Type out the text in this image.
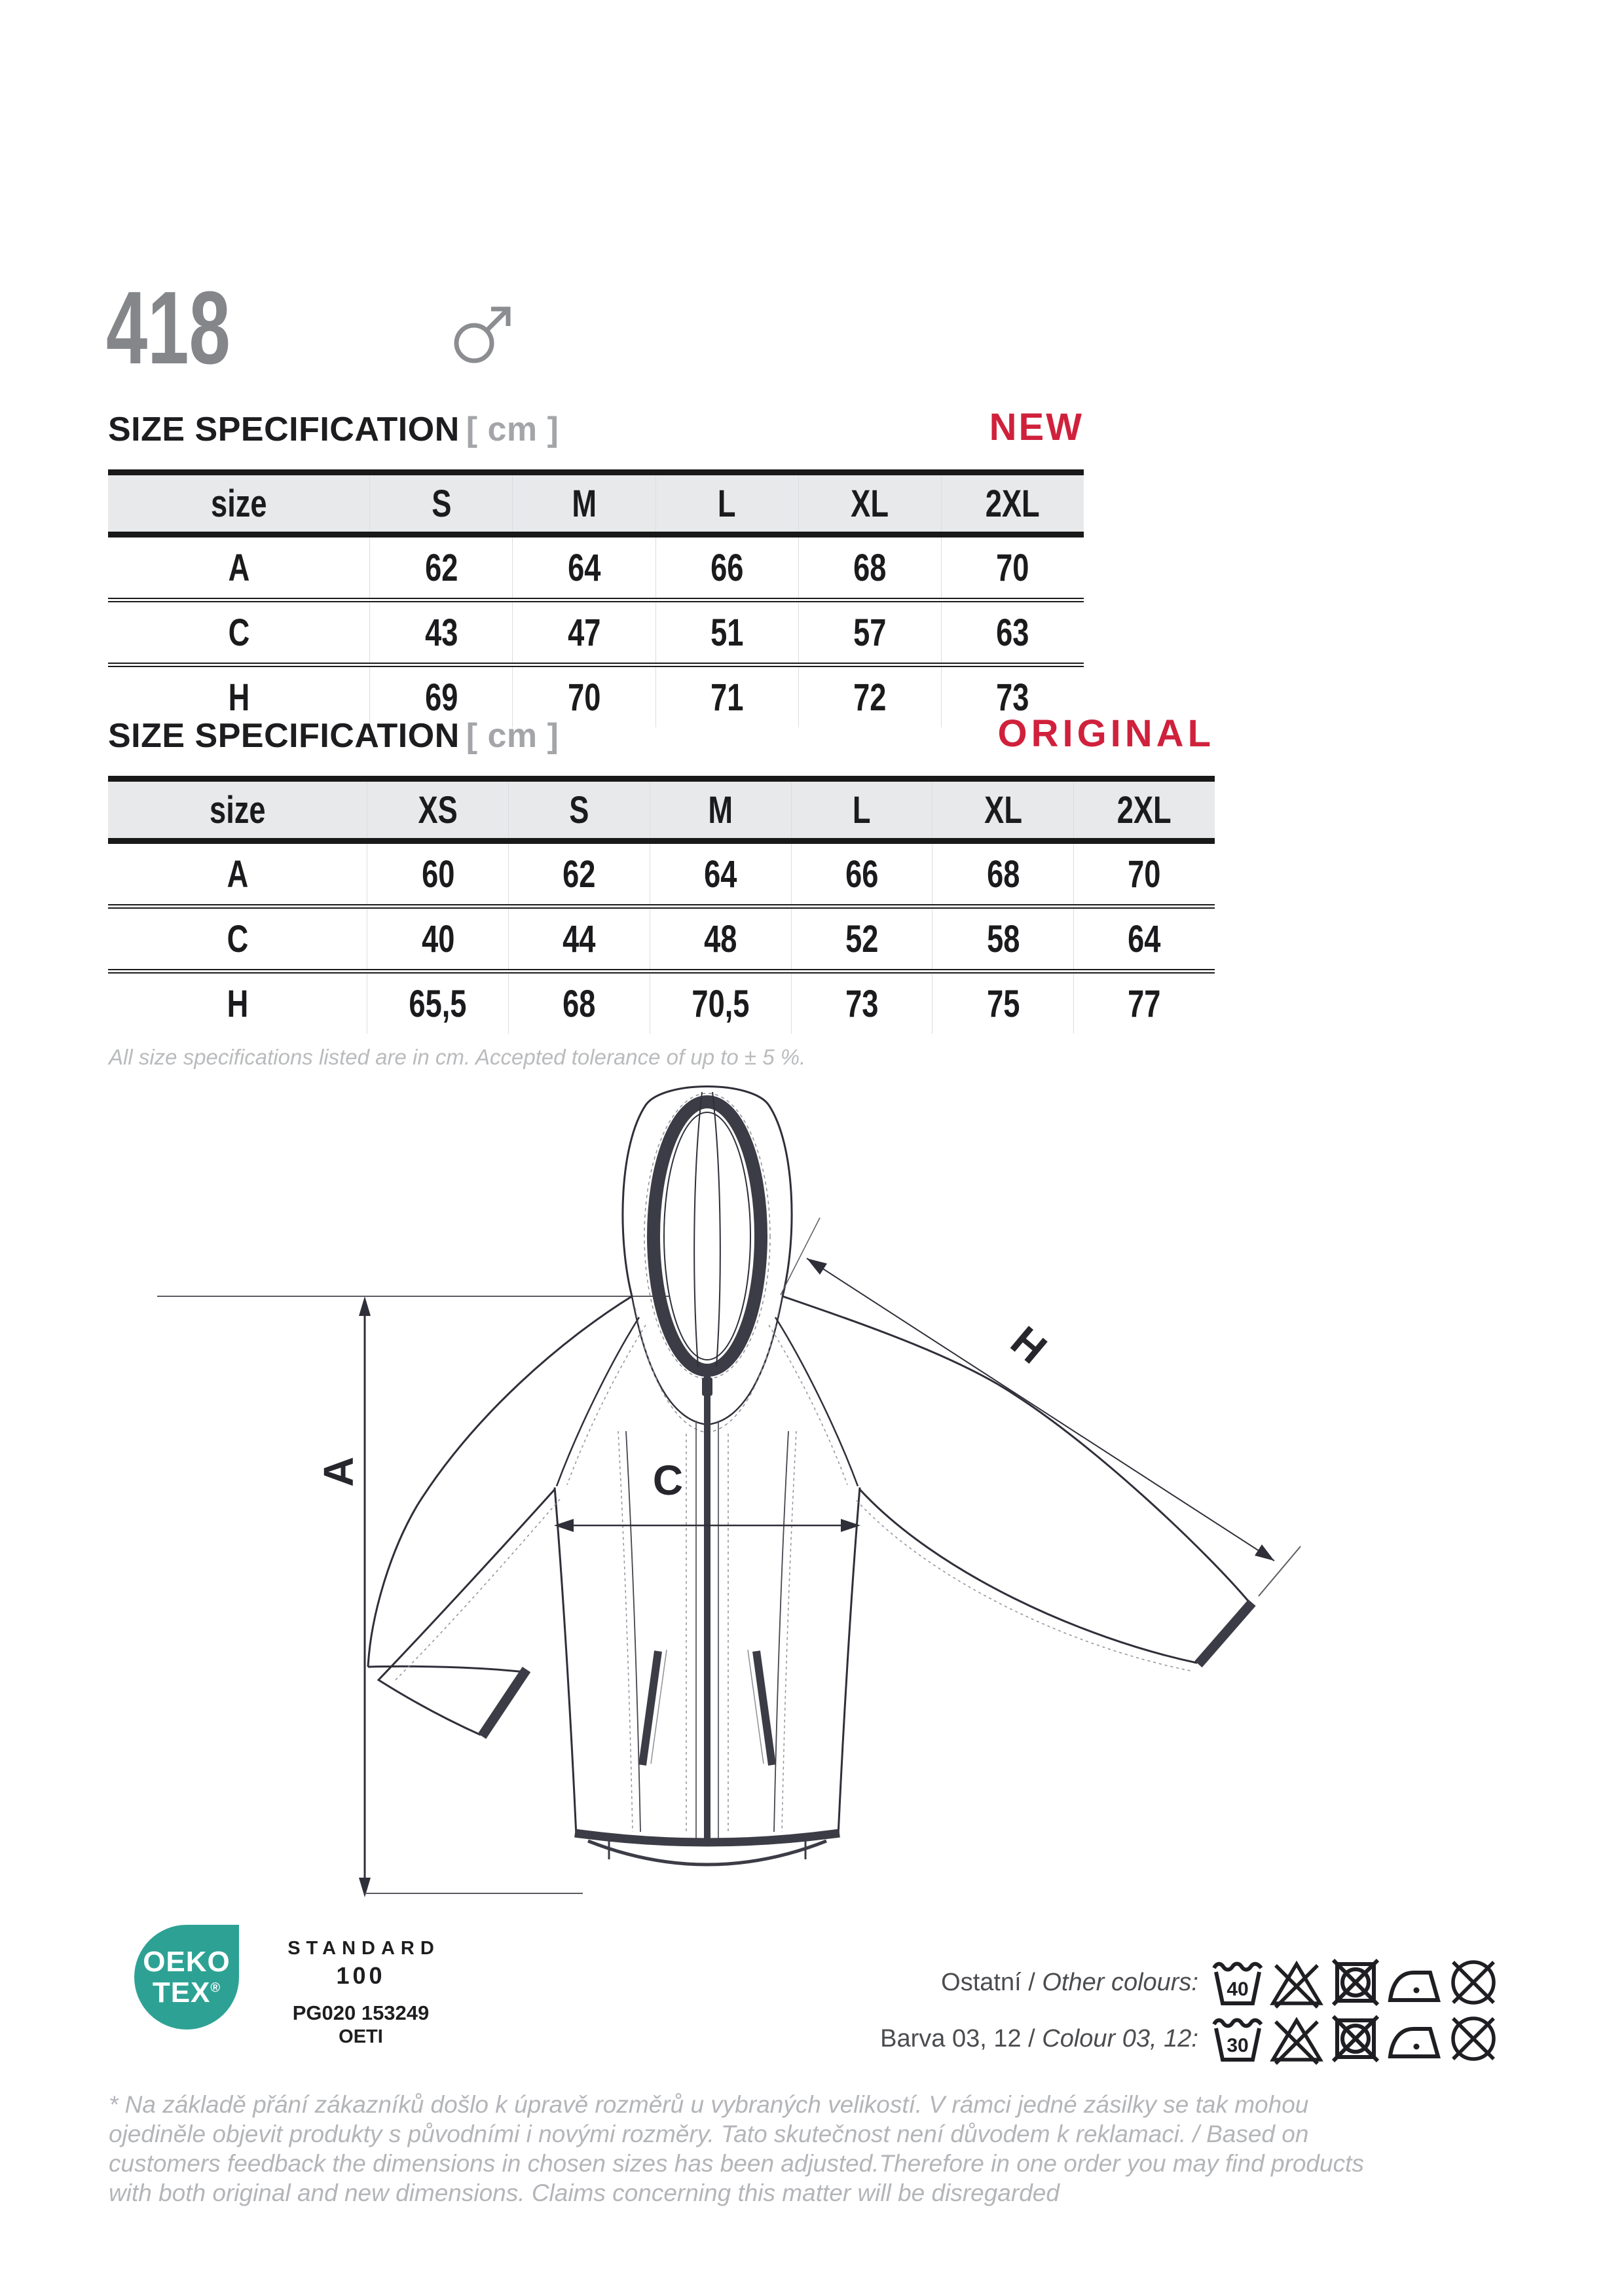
418
SIZE SPECIFICATION [ cm ]	NEW
size	S	M	L	XL	2XL
A	62	64	66	68	70
C	43	47	51	57	63
H	69	70	71	72	73
SIZE SPECIFICATION [ cm ]	ORIGINAL
size	XS	S	M	L	XL	2XL
A	60	62	64	66	68	70
C	40	44	48	52	58	64
H	65,5	68	70,5	73	75	77
All size specifications listed are in cm. Accepted tolerance of up to ± 5 %.
A	C
H
OEKO
TEX®
STANDARD
100
PG020 153249
OETI
Ostatní / Other colours:	40
Barva 03, 12 / Colour 03, 12:	30
* Na základě přání zákazníků došlo k úpravě rozměrů u vybraných velikostí. V rámci jedné zásilky se tak mohou
ojediněle objevit produkty s původními i novými rozměry. Tato skutečnost není důvodem k reklamaci. / Based on
customers feedback the dimensions in chosen sizes has been adjusted.Therefore in one order you may find products
with both original and new dimensions. Claims concerning this matter will be disregarded
